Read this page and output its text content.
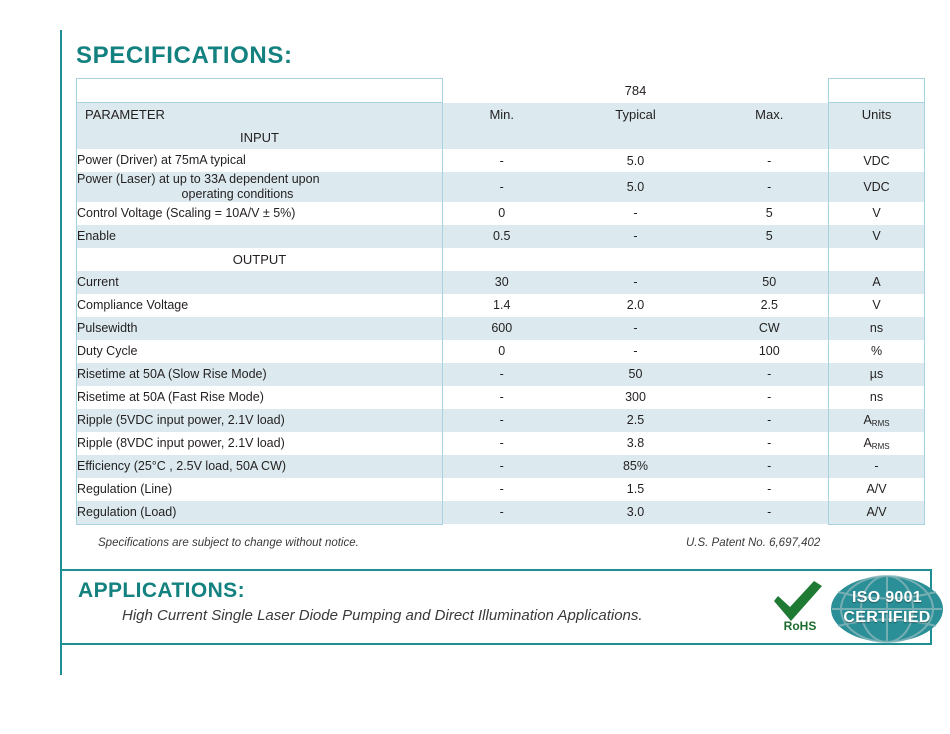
SPECIFICATIONS:
	784			
PARAMETER	Min.	Typical	Max.	Units
INPUT				
Power (Driver) at 75mA typical	-	5.0	-	VDC
Power (Laser) at up to 33A dependent upon
operating conditions	-	5.0	-	VDC
Control Voltage (Scaling = 10A/V ± 5%)	0	-	5	V
Enable	0.5	-	5	V
OUTPUT				
Current	30	-	50	A
Compliance Voltage	1.4	2.0	2.5	V
Pulsewidth	600	-	CW	ns
Duty Cycle	0	-	100	%
Risetime at 50A (Slow Rise Mode)	-	50	-	µs
Risetime at 50A (Fast Rise Mode)	-	300	-	ns
Ripple (5VDC input power, 2.1V load)	-	2.5	-	$A_{RMS}$
Ripple (8VDC input power, 2.1V load)	-	3.8	-	$A_{RMS}$
Efficiency (25°C , 2.5V load, 50A CW)	-	85%	-	-
Regulation (Line)	-	1.5	-	A/V
Regulation (Load)	-	3.0	-	A/V
Specifications are subject to change without notice.	U.S. Patent No. 6,697,402
APPLICATIONS:

High Current Single Laser Diode Pumping and Direct Illumination Applications.

RoHS
ISO 9001
CERTIFIED
